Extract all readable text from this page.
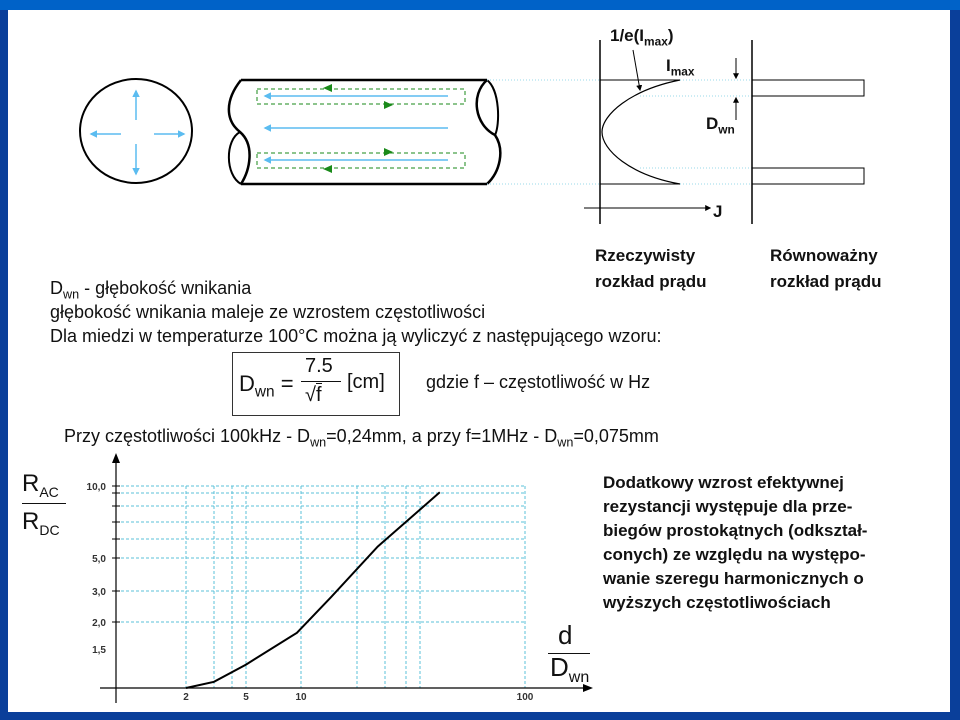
2	5	10	100
10,0
5,0
3,0
2,0
1,5
$1/e(I_{max})$
$I_{max}$
$D_{wn}$
J
Rzeczywisty
rozkład prądu
Równoważny
rozkład prądu
$D_{wn}$ - głębokość wnikania
głębokość wnikania maleje ze wzrostem częstotliwości
Dla miedzi w temperaturze 100°C można ją wyliczyć z następującego wzoru:
$D_{wn}$ =
7.5
√f
[cm] gdzie f – częstotliwość w Hz
Przy częstotliwości $100kHz - D_{wn}=0,24mm$, a przy $f=1MHz - D_{wn}=0,075mm$
Dodatkowy wzrost efektywnej
rezystancji występuje dla prze-
biegów prostokątnych (odkształ-
conych) ze względu na występo-
wanie szeregu harmonicznych o
wyższych częstotliwościach
$R_{AC}$
$R_{DC}$
d
$D_{wn}$
